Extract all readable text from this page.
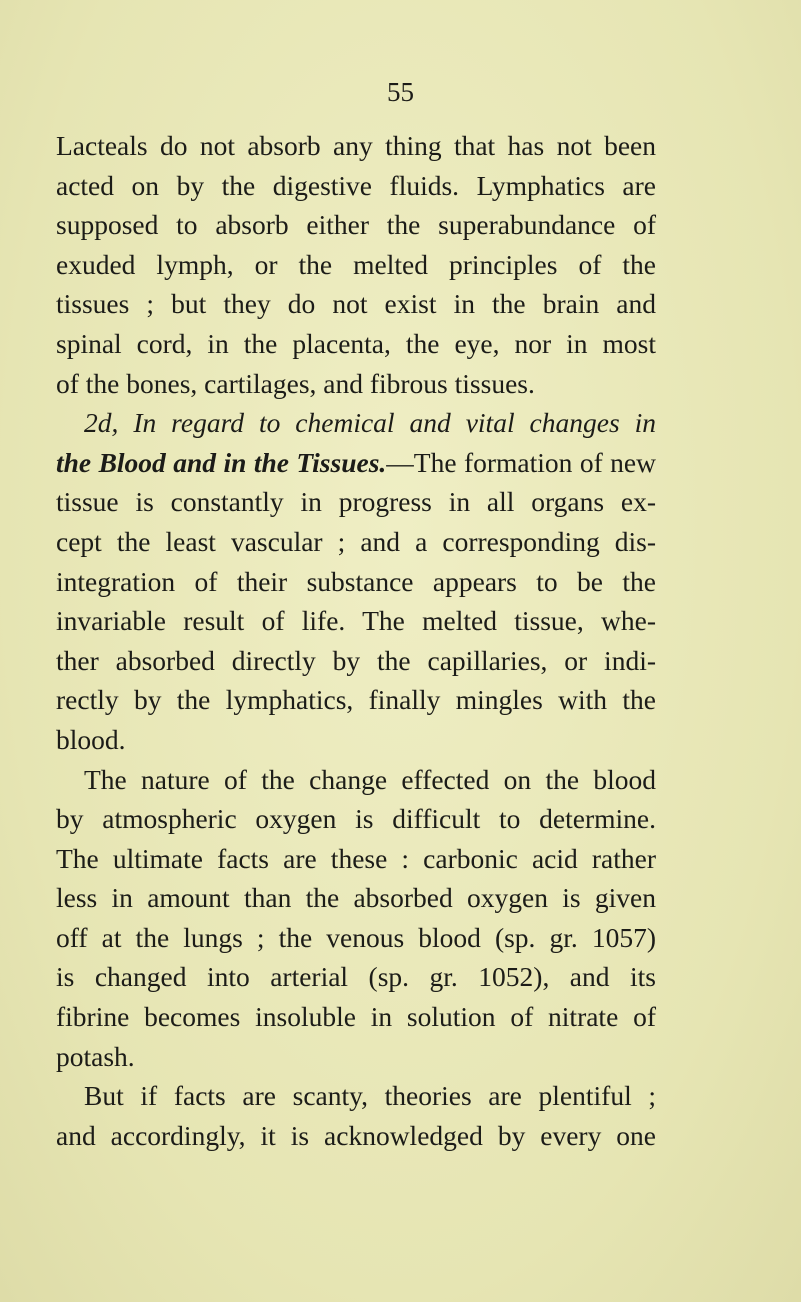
55
Lacteals do not absorb any thing that has not been
acted on by the digestive fluids. Lymphatics are
supposed to absorb either the superabundance of
exuded lymph, or the melted principles of the
tissues ; but they do not exist in the brain and
spinal cord, in the placenta, the eye, nor in most
of the bones, cartilages, and fibrous tissues.
2d, In regard to chemical and vital changes in
the Blood and in the Tissues.—The formation of new
tissue is constantly in progress in all organs ex-
cept the least vascular ; and a corresponding dis-
integration of their substance appears to be the
invariable result of life. The melted tissue, whe-
ther absorbed directly by the capillaries, or indi-
rectly by the lymphatics, finally mingles with the
blood.
The nature of the change effected on the blood
by atmospheric oxygen is difficult to determine.
The ultimate facts are these : carbonic acid rather
less in amount than the absorbed oxygen is given
off at the lungs ; the venous blood (sp. gr. 1057)
is changed into arterial (sp. gr. 1052), and its
fibrine becomes insoluble in solution of nitrate of
potash.
But if facts are scanty, theories are plentiful ;
and accordingly, it is acknowledged by every one
